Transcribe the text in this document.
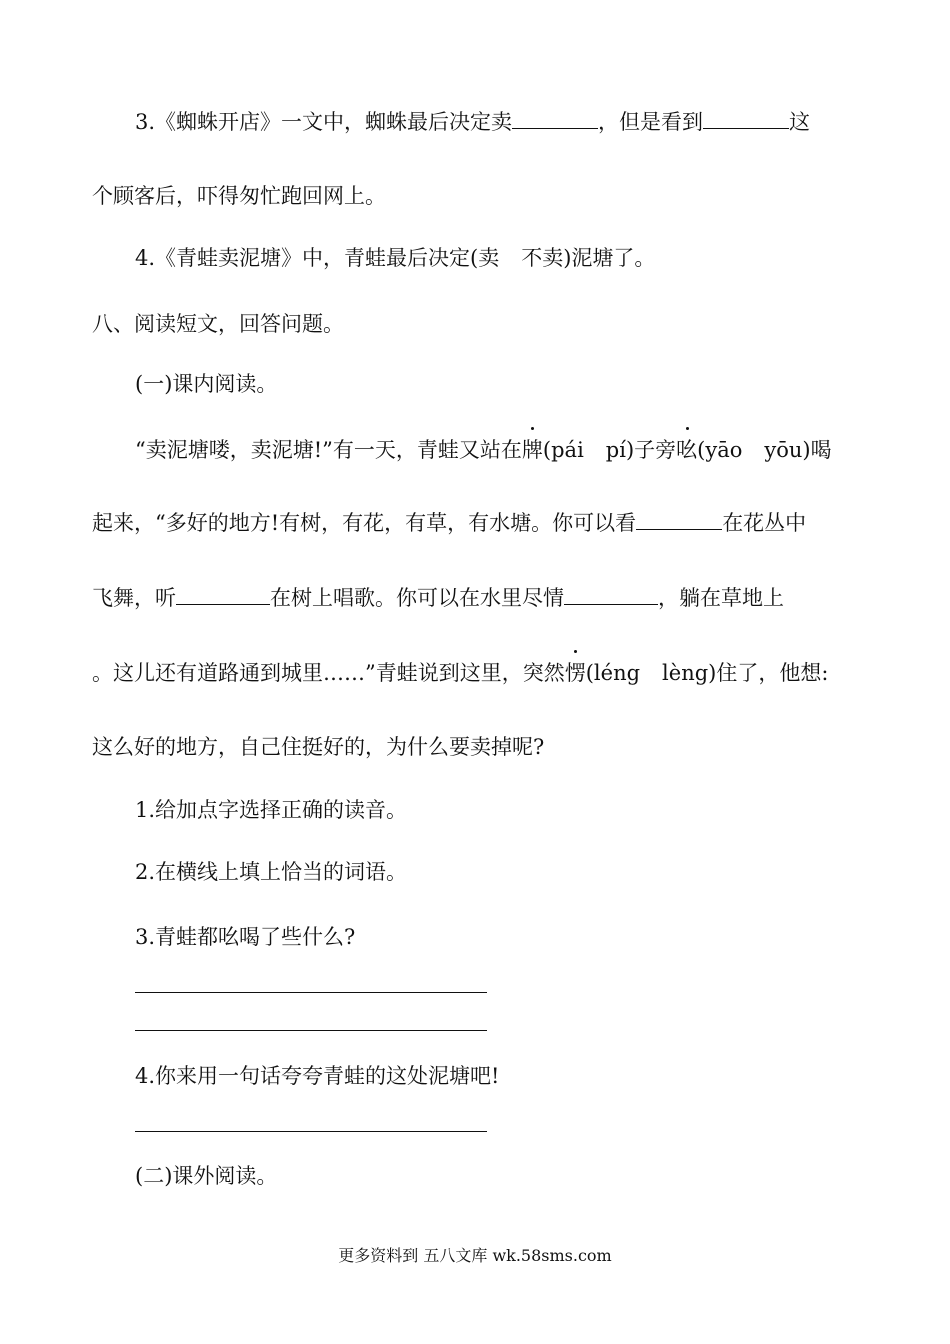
3.《蜘蛛开店》一文中，蜘蛛最后决定卖	，但是看到	这
个顾客后，吓得匆忙跑回网上。
4.《青蛙卖泥塘》中，青蛙最后决定(卖 不卖)泥塘了。
八、阅读短文，回答问题。
(一)课内阅读。
“卖泥塘喽，卖泥塘!”有一天，青蛙又站在牌(pái pí)子旁吆(yāo yōu)喝
起来，“多好的地方!有树，有花，有草，有水塘。你可以看	在花丛中
飞舞，听	在树上唱歌。你可以在水里尽情	，躺在草地上
。这儿还有道路通到城里……”青蛙说到这里，突然愣(léng lèng)住了，他想:
这么好的地方，自己住挺好的，为什么要卖掉呢?
1.给加点字选择正确的读音。
2.在横线上填上恰当的词语。
3.青蛙都吆喝了些什么?
4.你来用一句话夸夸青蛙的这处泥塘吧!
(二)课外阅读。
更多资料到 五八文库 wk.58sms.com
